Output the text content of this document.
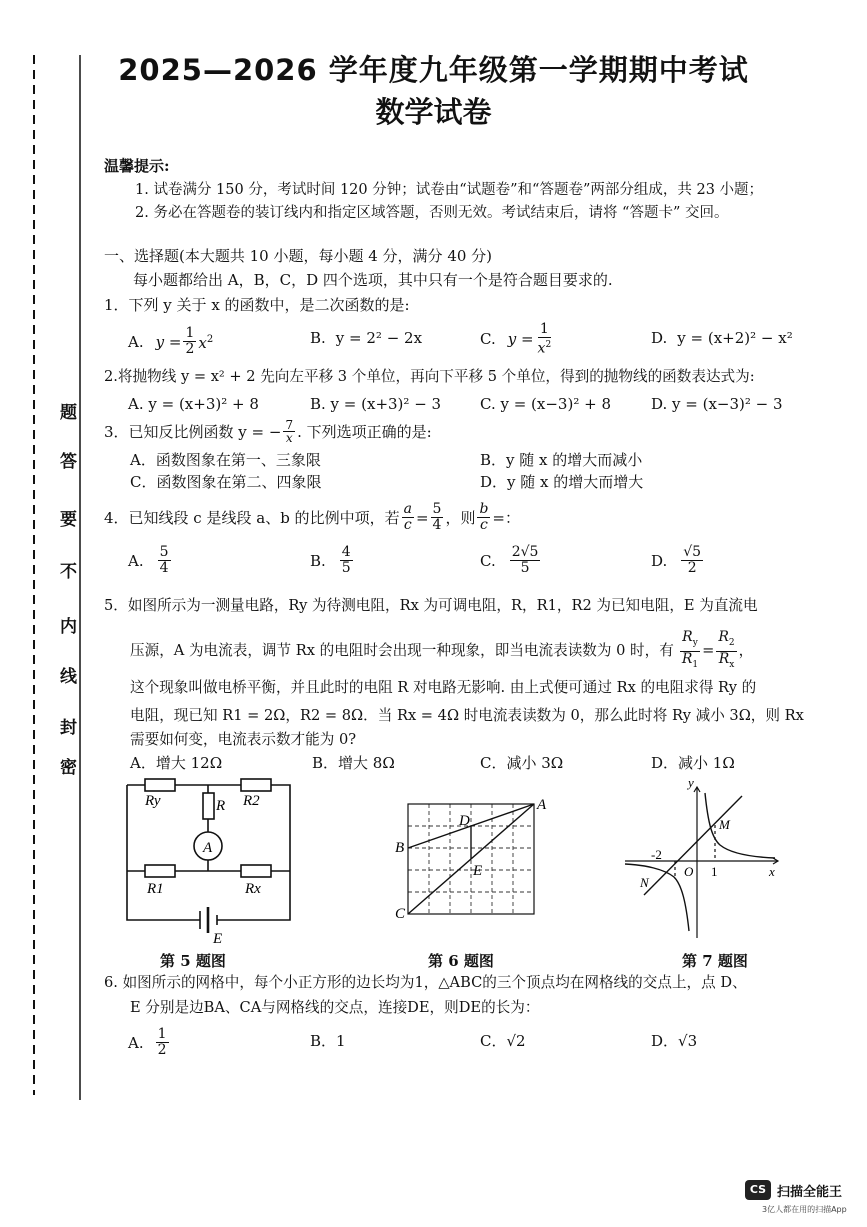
题
答
要
不
内
线
封
密
2025—2026 学年度九年级第一学期期中考试
数学试卷
温馨提示:
1. 试卷满分 150 分，考试时间 120 分钟；试卷由“试题卷”和“答题卷”两部分组成，共 23 小题；
2. 务必在答题卷的装订线内和指定区域答题，否则无效。考试结束后，请将 “答题卡” 交回。
一、选择题(本大题共 10 小题，每小题 4 分，满分 40 分)
每小题都给出 A，B，C，D 四个选项，其中只有一个是符合题目要求的.
1．下列 y 关于 x 的函数中，是二次函数的是:
A. $y = \frac{1}{2} x^2$	B. y = 2² − 2x	C. $y = \frac{1}{x^2}$	D. y = (x+2)² − x²
2.将抛物线 y = x² + 2 先向左平移 3 个单位，再向下平移 5 个单位，得到的抛物线的函数表达式为:
A. y = (x+3)² + 8	B. y = (x+3)² − 3	C. y = (x−3)² + 8	D. y = (x−3)² − 3
3．已知反比例函数 y = − $\frac{7}{x}$ . 下列选项正确的是:
A．函数图象在第一、三象限	B．y 随 x 的增大而减小
C．函数图象在第二、四象限	D．y 随 x 的增大而增大
4．已知线段 c 是线段 a、b 的比例中项，若 $\frac{a}{c} = \frac{5}{4}$ ，则 $\frac{b}{c}$ =：
A. $\frac{5}{4}$	B. $\frac{4}{5}$	C. $\frac{2√5}{5}$	D. $\frac{√5}{2}$
5．如图所示为一测量电路，Ry 为待测电阻，Rx 为可调电阻，R，R1，R2 为已知电阻，E 为直流电
压源，A 为电流表，调节 Rx 的电阻时会出现一种现象，即当电流表读数为 0 时，有 $\frac{R_y}{R_1} = \frac{R_2}{R_x}$ ，
这个现象叫做电桥平衡，并且此时的电阻 R 对电路无影响. 由上式便可通过 Rx 的电阻求得 Ry 的
电阻，现已知 R1 = 2Ω，R2 = 8Ω．当 Rx = 4Ω 时电流表读数为 0，那么此时将 Ry 减小 3Ω，则 Rx
需要如何变，电流表示数才能为 0?
A．增大 12Ω	B．增大 8Ω	C．减小 3Ω	D．减小 1Ω
Ry	R R2
A
R1	Rx
E
第 5 题图
A
B
C
D
E
第 6 题图
y
x
M
N
O
-2
1
第 7 题图
6. 如图所示的网格中，每个小正方形的边长均为1，△ABC的三个顶点均在网格线的交点上，点 D、
E 分别是边BA、CA与网格线的交点，连接DE，则DE的长为：
A. $\frac{1}{2}$	B．1	C．√2	D．√3
CS 扫描全能王
3亿人都在用的扫描App
